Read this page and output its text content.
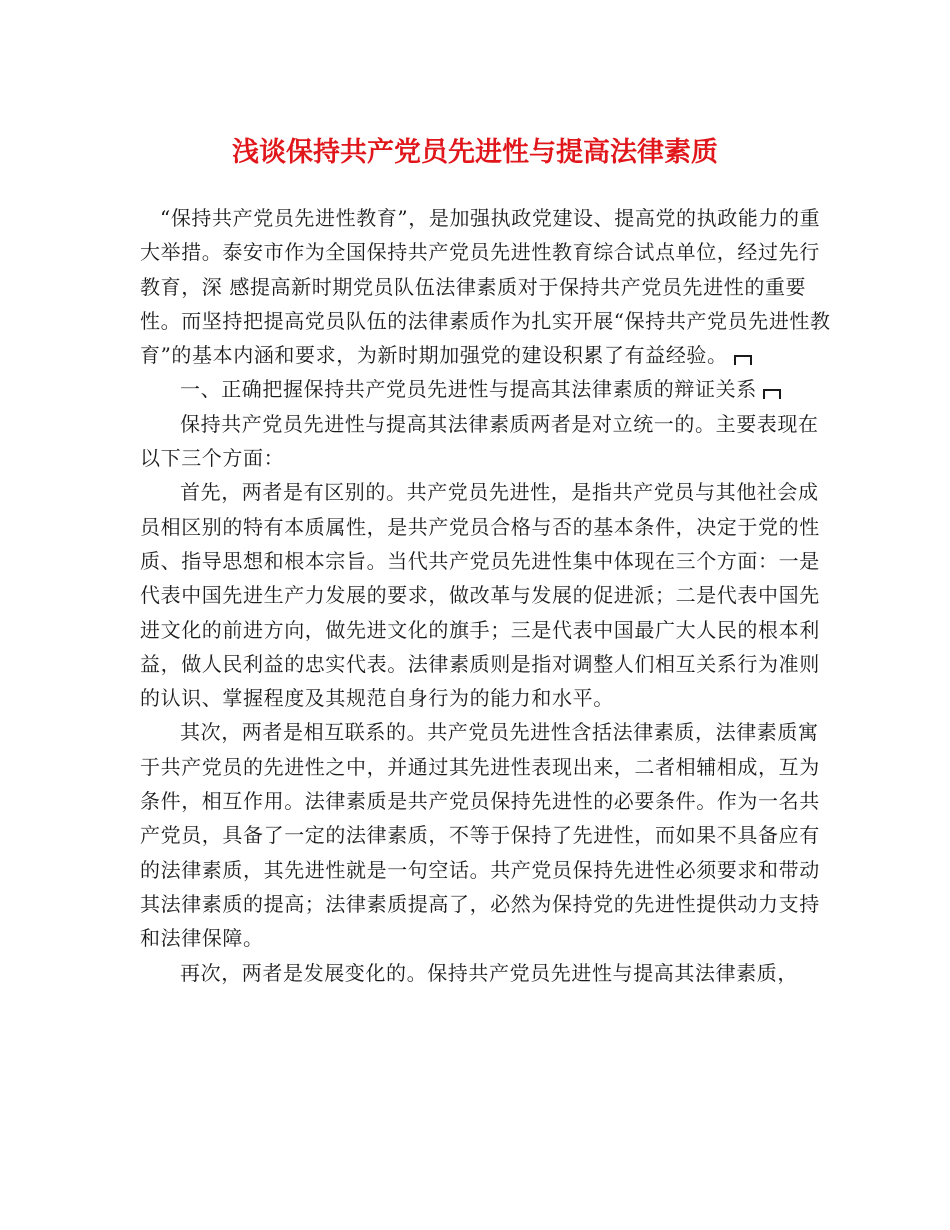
浅谈保持共产党员先进性与提高法律素质

“保持共产党员先进性教育”，是加强执政党建设、提高党的执政能力的重大举措。泰安市作为全国保持共产党员先进性教育综合试点单位，经过先行教育，深 感提高新时期党员队伍法律素质对于保持共产党员先进性的重要性。而坚持把提高党员队伍的法律素质作为扎实开展“保持共产党员先进性教育”的基本内涵和要求，为新时期加强党的建设积累了有益经验。

一、正确把握保持共产党员先进性与提高其法律素质的辩证关系

保持共产党员先进性与提高其法律素质两者是对立统一的。主要表现在以下三个方面：

首先，两者是有区别的。共产党员先进性，是指共产党员与其他社会成员相区别的特有本质属性，是共产党员合格与否的基本条件，决定于党的性质、指导思想和根本宗旨。当代共产党员先进性集中体现在三个方面：一是代表中国先进生产力发展的要求，做改革与发展的促进派；二是代表中国先进文化的前进方向，做先进文化的旗手；三是代表中国最广大人民的根本利益，做人民利益的忠实代表。法律素质则是指对调整人们相互关系行为准则的认识、掌握程度及其规范自身行为的能力和水平。

其次，两者是相互联系的。共产党员先进性含括法律素质，法律素质寓于共产党员的先进性之中，并通过其先进性表现出来，二者相辅相成，互为条件，相互作用。法律素质是共产党员保持先进性的必要条件。作为一名共产党员，具备了一定的法律素质，不等于保持了先进性，而如果不具备应有的法律素质，其先进性就是一句空话。共产党员保持先进性必须要求和带动其法律素质的提高；法律素质提高了，必然为保持党的先进性提供动力支持和法律保障。

再次，两者是发展变化的。保持共产党员先进性与提高其法律素质，
